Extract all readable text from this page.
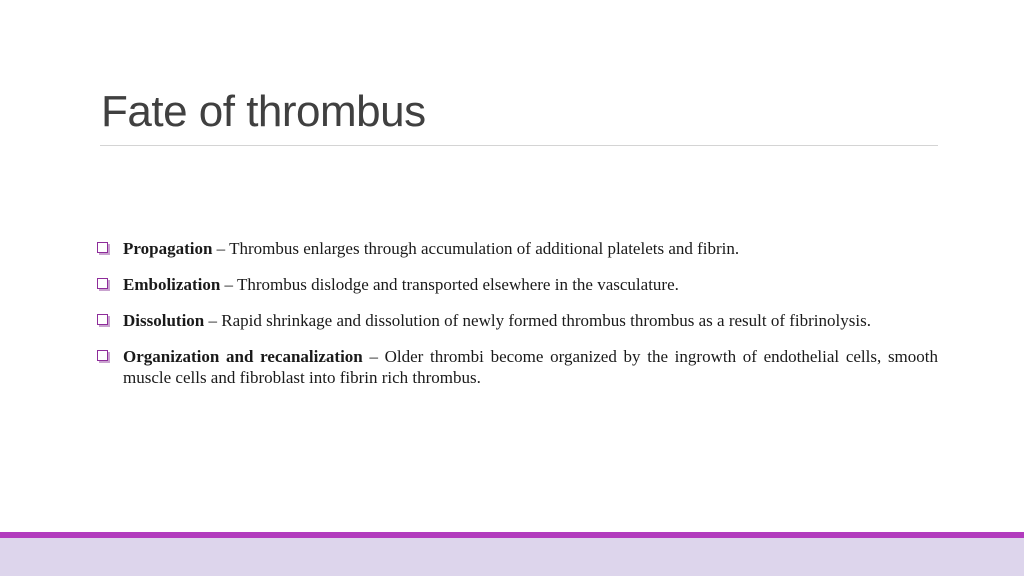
Fate of thrombus
Propagation – Thrombus enlarges through accumulation of additional platelets and fibrin.
Embolization – Thrombus dislodge and transported elsewhere in the vasculature.
Dissolution – Rapid shrinkage and dissolution of newly formed thrombus thrombus as a result of fibrinolysis.
Organization and recanalization – Older thrombi become organized by the ingrowth of endothelial cells, smooth muscle cells and fibroblast into fibrin rich thrombus.
